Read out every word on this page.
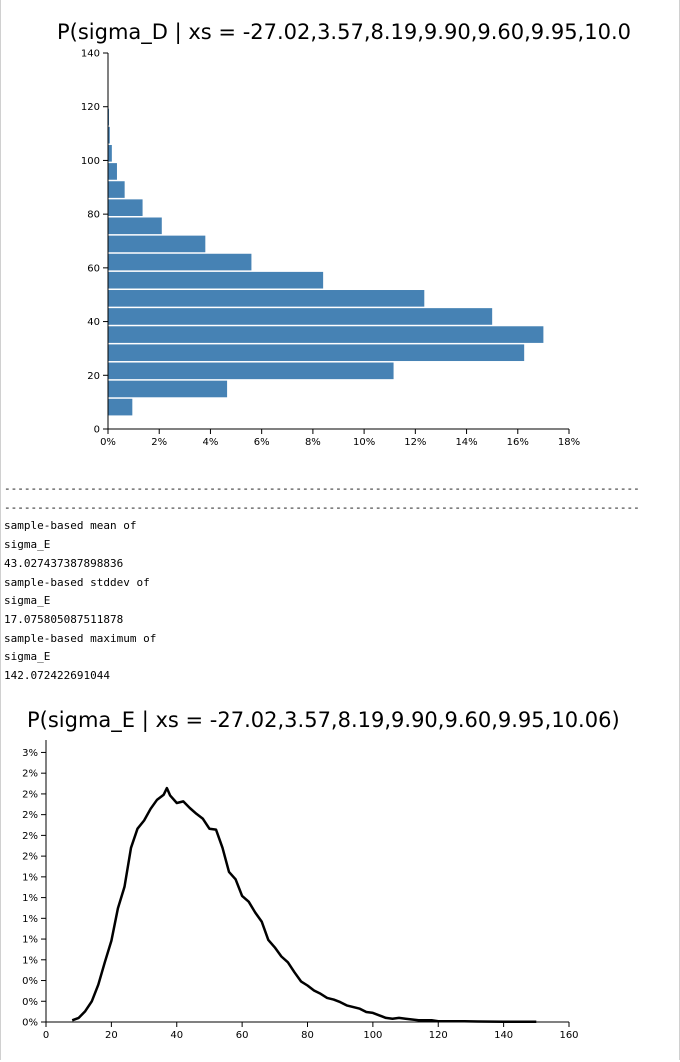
P(sigma_D | xs = -27.02,3.57,8.19,9.90,9.60,9.95,10.0
0%	2%	4%	6%	8%	10%	12%	14%	16%	18%
0
20
40
60
80
100
120
140
------------------------------------------------------------------------------------------------
------------------------------------------------------------------------------------------------
sample-based mean of
sigma_E
43.027437387898836
sample-based stddev of
sigma_E
17.075805087511878
sample-based maximum of
sigma_E
142.072422691044
P(sigma_E | xs = -27.02,3.57,8.19,9.90,9.60,9.95,10.06)
0	20	40	60	80	100	120	140	160
0%
0%
0%
1%
1%
1%
1%
1%
2%
2%
2%
2%
2%
3%
